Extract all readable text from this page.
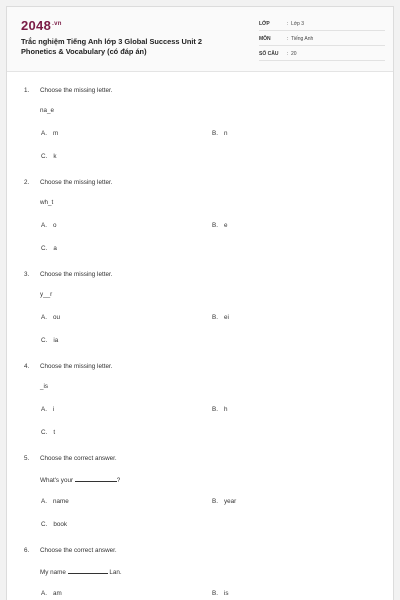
$2048^{.vn}$
Trắc nghiệm Tiếng Anh lớp 3 Global Success Unit 2 Phonetics & Vocabulary (có đáp án)
LỚP	: Lớp 3
MÔN	: Tiếng Anh
SỐ CÂU	: 20
1. Choose the missing letter.
na_e
A. m	B. n
C. k
2. Choose the missing letter.
wh_t
A. o	B. e
C. a
3. Choose the missing letter.
y__r
A. ou	B. ei
C. ia
4. Choose the missing letter.
_is
A. i	B. h
C. t
5. Choose the correct answer.
What's your	?
A. name	B. year
C. book
6. Choose the correct answer.
My name	Lan.
A. am	B. is
